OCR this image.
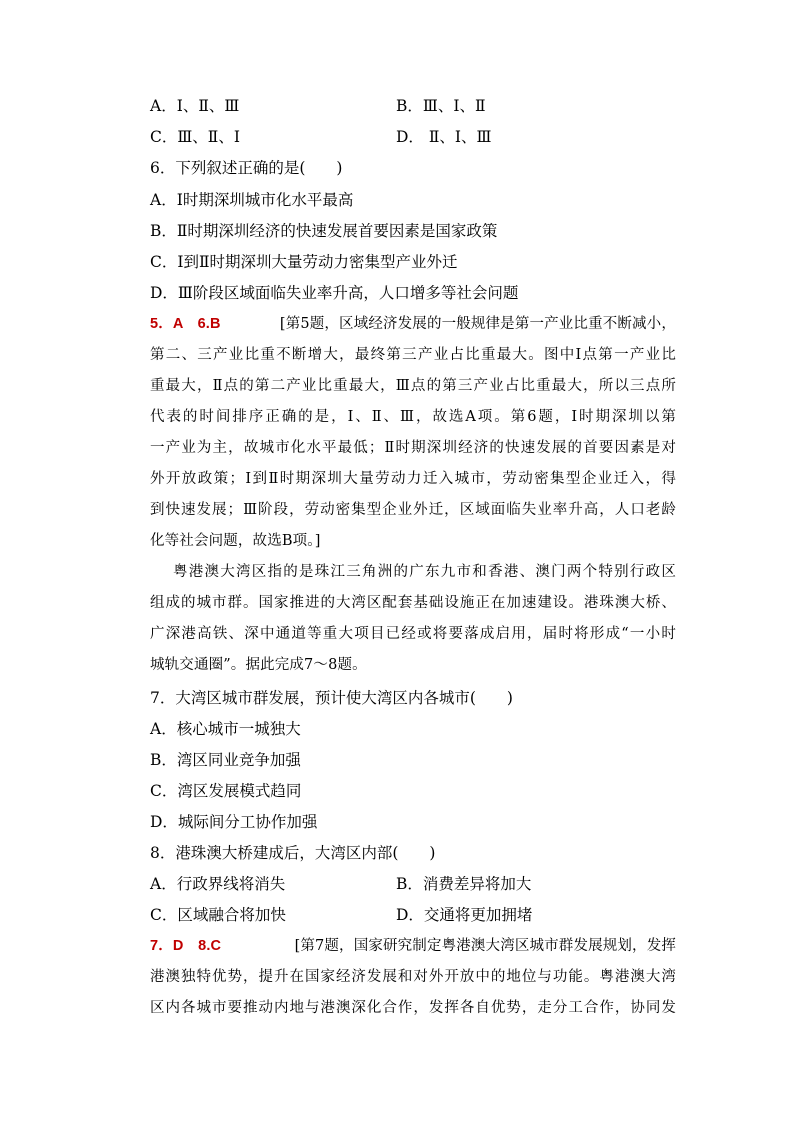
A．Ⅰ、Ⅱ、Ⅲ	B．Ⅲ、Ⅰ、Ⅱ
C．Ⅲ、Ⅱ、Ⅰ	D． Ⅱ、Ⅰ、Ⅲ
6．下列叙述正确的是(　　)
A．Ⅰ时期深圳城市化水平最高
B．Ⅱ时期深圳经济的快速发展首要因素是国家政策
C．Ⅰ到Ⅱ时期深圳大量劳动力密集型产业外迁
D．Ⅲ阶段区域面临失业率升高，人口增多等社会问题
5．A　6.B	[第5题，区域经济发展的一般规律是第一产业比重不断减小，
第二、三产业比重不断增大，最终第三产业占比重最大。图中Ⅰ点第一产业比
重最大，Ⅱ点的第二产业比重最大，Ⅲ点的第三产业占比重最大，所以三点所
代表的时间排序正确的是，Ⅰ、Ⅱ、Ⅲ，故选A项。第6题，Ⅰ时期深圳以第
一产业为主，故城市化水平最低；Ⅱ时期深圳经济的快速发展的首要因素是对
外开放政策；Ⅰ到Ⅱ时期深圳大量劳动力迁入城市，劳动密集型企业迁入，得
到快速发展；Ⅲ阶段，劳动密集型企业外迁，区域面临失业率升高，人口老龄
化等社会问题，故选B项。]
粤港澳大湾区指的是珠江三角洲的广东九市和香港、澳门两个特别行政区
组成的城市群。国家推进的大湾区配套基础设施正在加速建设。港珠澳大桥、
广深港高铁、深中通道等重大项目已经或将要落成启用，届时将形成“一小时
城轨交通圈”。据此完成7～8题。
7．大湾区城市群发展，预计使大湾区内各城市(　　)
A．核心城市一城独大
B．湾区同业竞争加强
C．湾区发展模式趋同
D．城际间分工协作加强
8．港珠澳大桥建成后，大湾区内部(　　)
A．行政界线将消失	B．消费差异将加大
C．区域融合将加快	D．交通将更加拥堵
7．D　8.C	[第7题，国家研究制定粤港澳大湾区城市群发展规划，发挥
港澳独特优势，提升在国家经济发展和对外开放中的地位与功能。粤港澳大湾
区内各城市要推动内地与港澳深化合作，发挥各自优势，走分工合作，协同发
